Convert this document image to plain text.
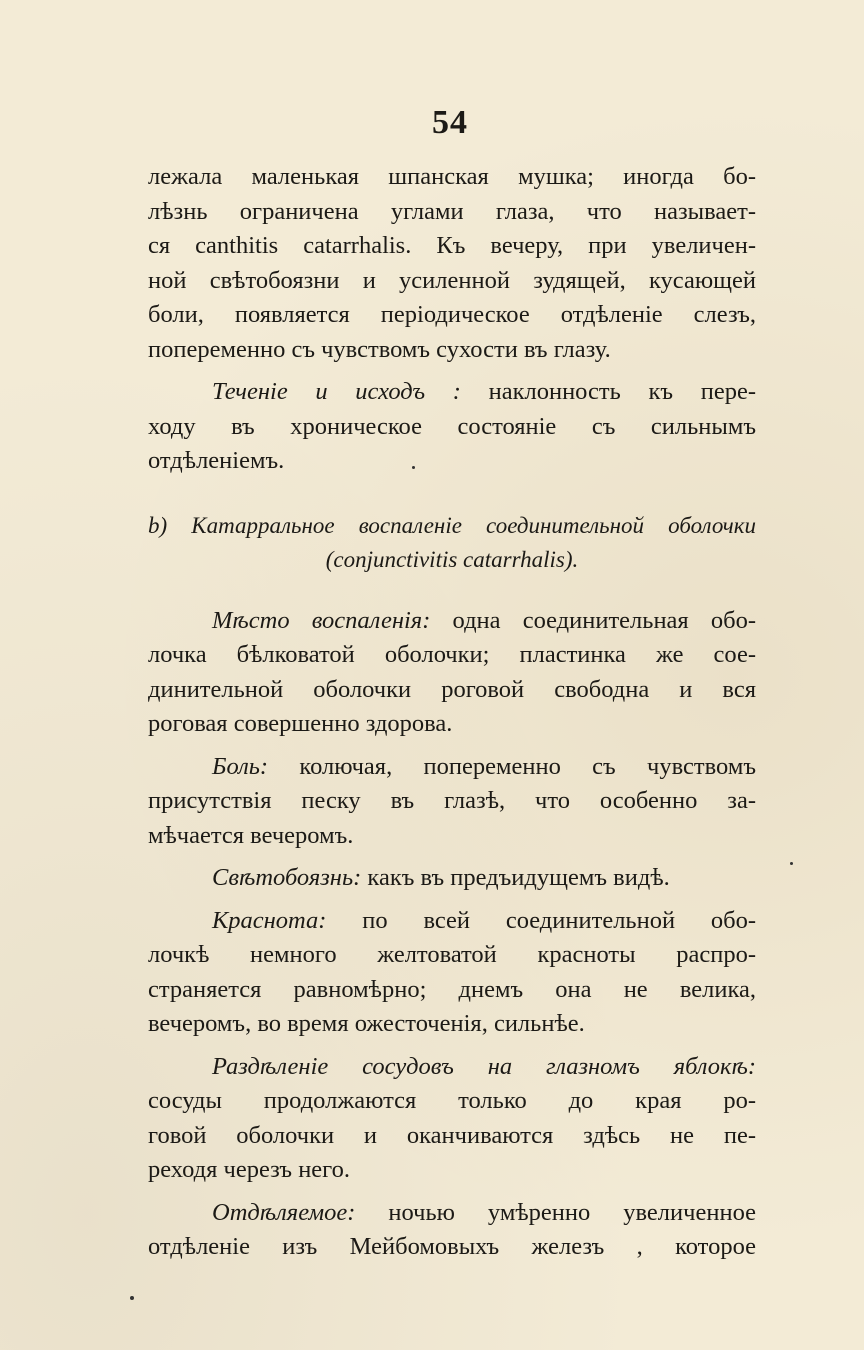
54
лежала маленькая шпанская мушка; иногда бо-
лѣзнь ограничена углами глаза, что называет-
ся canthitis catarrhalis. Къ вечеру, при увеличен-
ной свѣтобоязни и усиленной зудящей, кусающей
боли, появляется періодическое отдѣленіе слезъ,
попеременно съ чувствомъ сухости въ глазу.
Теченіе и исходъ : наклонность къ пере-
ходу въ хроническое состояніе съ сильнымъ
отдѣленіемъ.
b) Катарральное воспаленіе соединительной оболочки
(conjunctivitis catarrhalis).
Мѣсто воспаленія: одна соединительная обо-
лочка бѣлковатой оболочки; пластинка же сое-
динительной оболочки роговой свободна и вся
роговая совершенно здорова.
Боль: колючая, попеременно съ чувствомъ
присутствія песку въ глазѣ, что особенно за-
мѣчается вечеромъ.
Свѣтобоязнь: какъ въ предъидущемъ видѣ.
Краснота: по всей соединительной обо-
лочкѣ немного желтоватой красноты распро-
страняется равномѣрно; днемъ она не велика,
вечеромъ, во время ожесточенія, сильнѣе.
Раздѣленіе сосудовъ на глазномъ яблокѣ:
сосуды продолжаются только до края ро-
говой оболочки и оканчиваются здѣсь не пе-
реходя черезъ него.
Отдѣляемое: ночью умѣренно увеличенное
отдѣленіе изъ Мейбомовыхъ железъ , которое
